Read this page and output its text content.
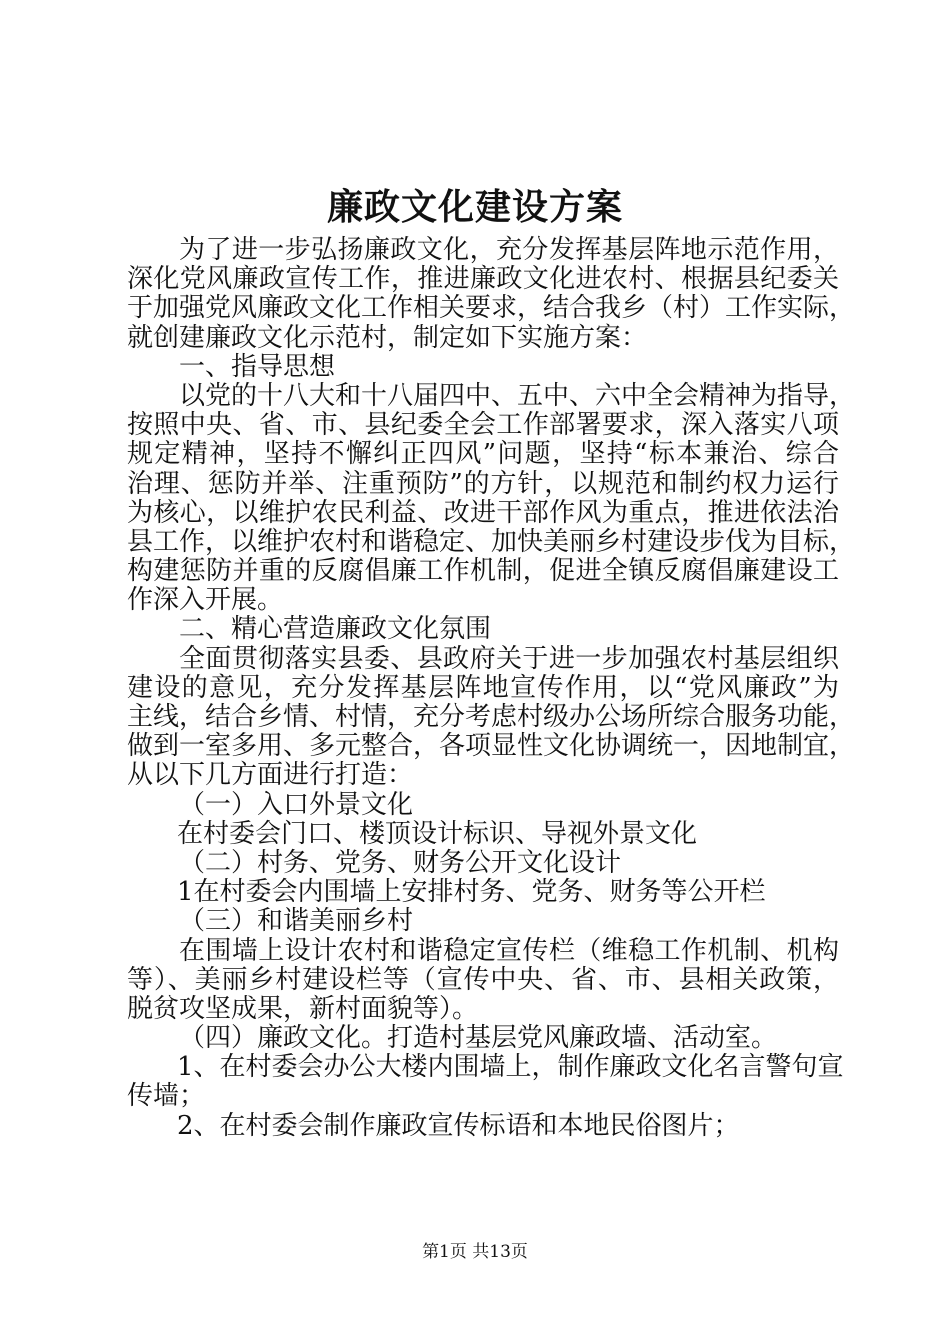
廉政文化建设方案
为了进一步弘扬廉政文化，充分发挥基层阵地示范作用，
深化党风廉政宣传工作，推进廉政文化进农村、根据县纪委关
于加强党风廉政文化工作相关要求，结合我乡（村）工作实际，
就创建廉政文化示范村，制定如下实施方案：
一、指导思想
以党的十八大和十八届四中、五中、六中全会精神为指导，
按照中央、省、市、县纪委全会工作部署要求，深入落实八项
规定精神，坚持不懈纠正四风”问题，坚持“标本兼治、综合
治理、惩防并举、注重预防”的方针，以规范和制约权力运行
为核心，以维护农民利益、改进干部作风为重点，推进依法治
县工作，以维护农村和谐稳定、加快美丽乡村建设步伐为目标，
构建惩防并重的反腐倡廉工作机制，促进全镇反腐倡廉建设工
作深入开展。
二、精心营造廉政文化氛围
全面贯彻落实县委、县政府关于进一步加强农村基层组织
建设的意见，充分发挥基层阵地宣传作用，以“党风廉政”为
主线，结合乡情、村情，充分考虑村级办公场所综合服务功能，
做到一室多用、多元整合，各项显性文化协调统一，因地制宜，
从以下几方面进行打造：
（一）入口外景文化
在村委会门口、楼顶设计标识、导视外景文化
（二）村务、党务、财务公开文化设计
1在村委会内围墙上安排村务、党务、财务等公开栏
（三）和谐美丽乡村
在围墙上设计农村和谐稳定宣传栏（维稳工作机制、机构
等）、美丽乡村建设栏等（宣传中央、省、市、县相关政策，
脱贫攻坚成果，新村面貌等）。
（四）廉政文化。打造村基层党风廉政墙、活动室。
1、在村委会办公大楼内围墙上，制作廉政文化名言警句宣
传墙；
2、在村委会制作廉政宣传标语和本地民俗图片；
第1页 共13页
